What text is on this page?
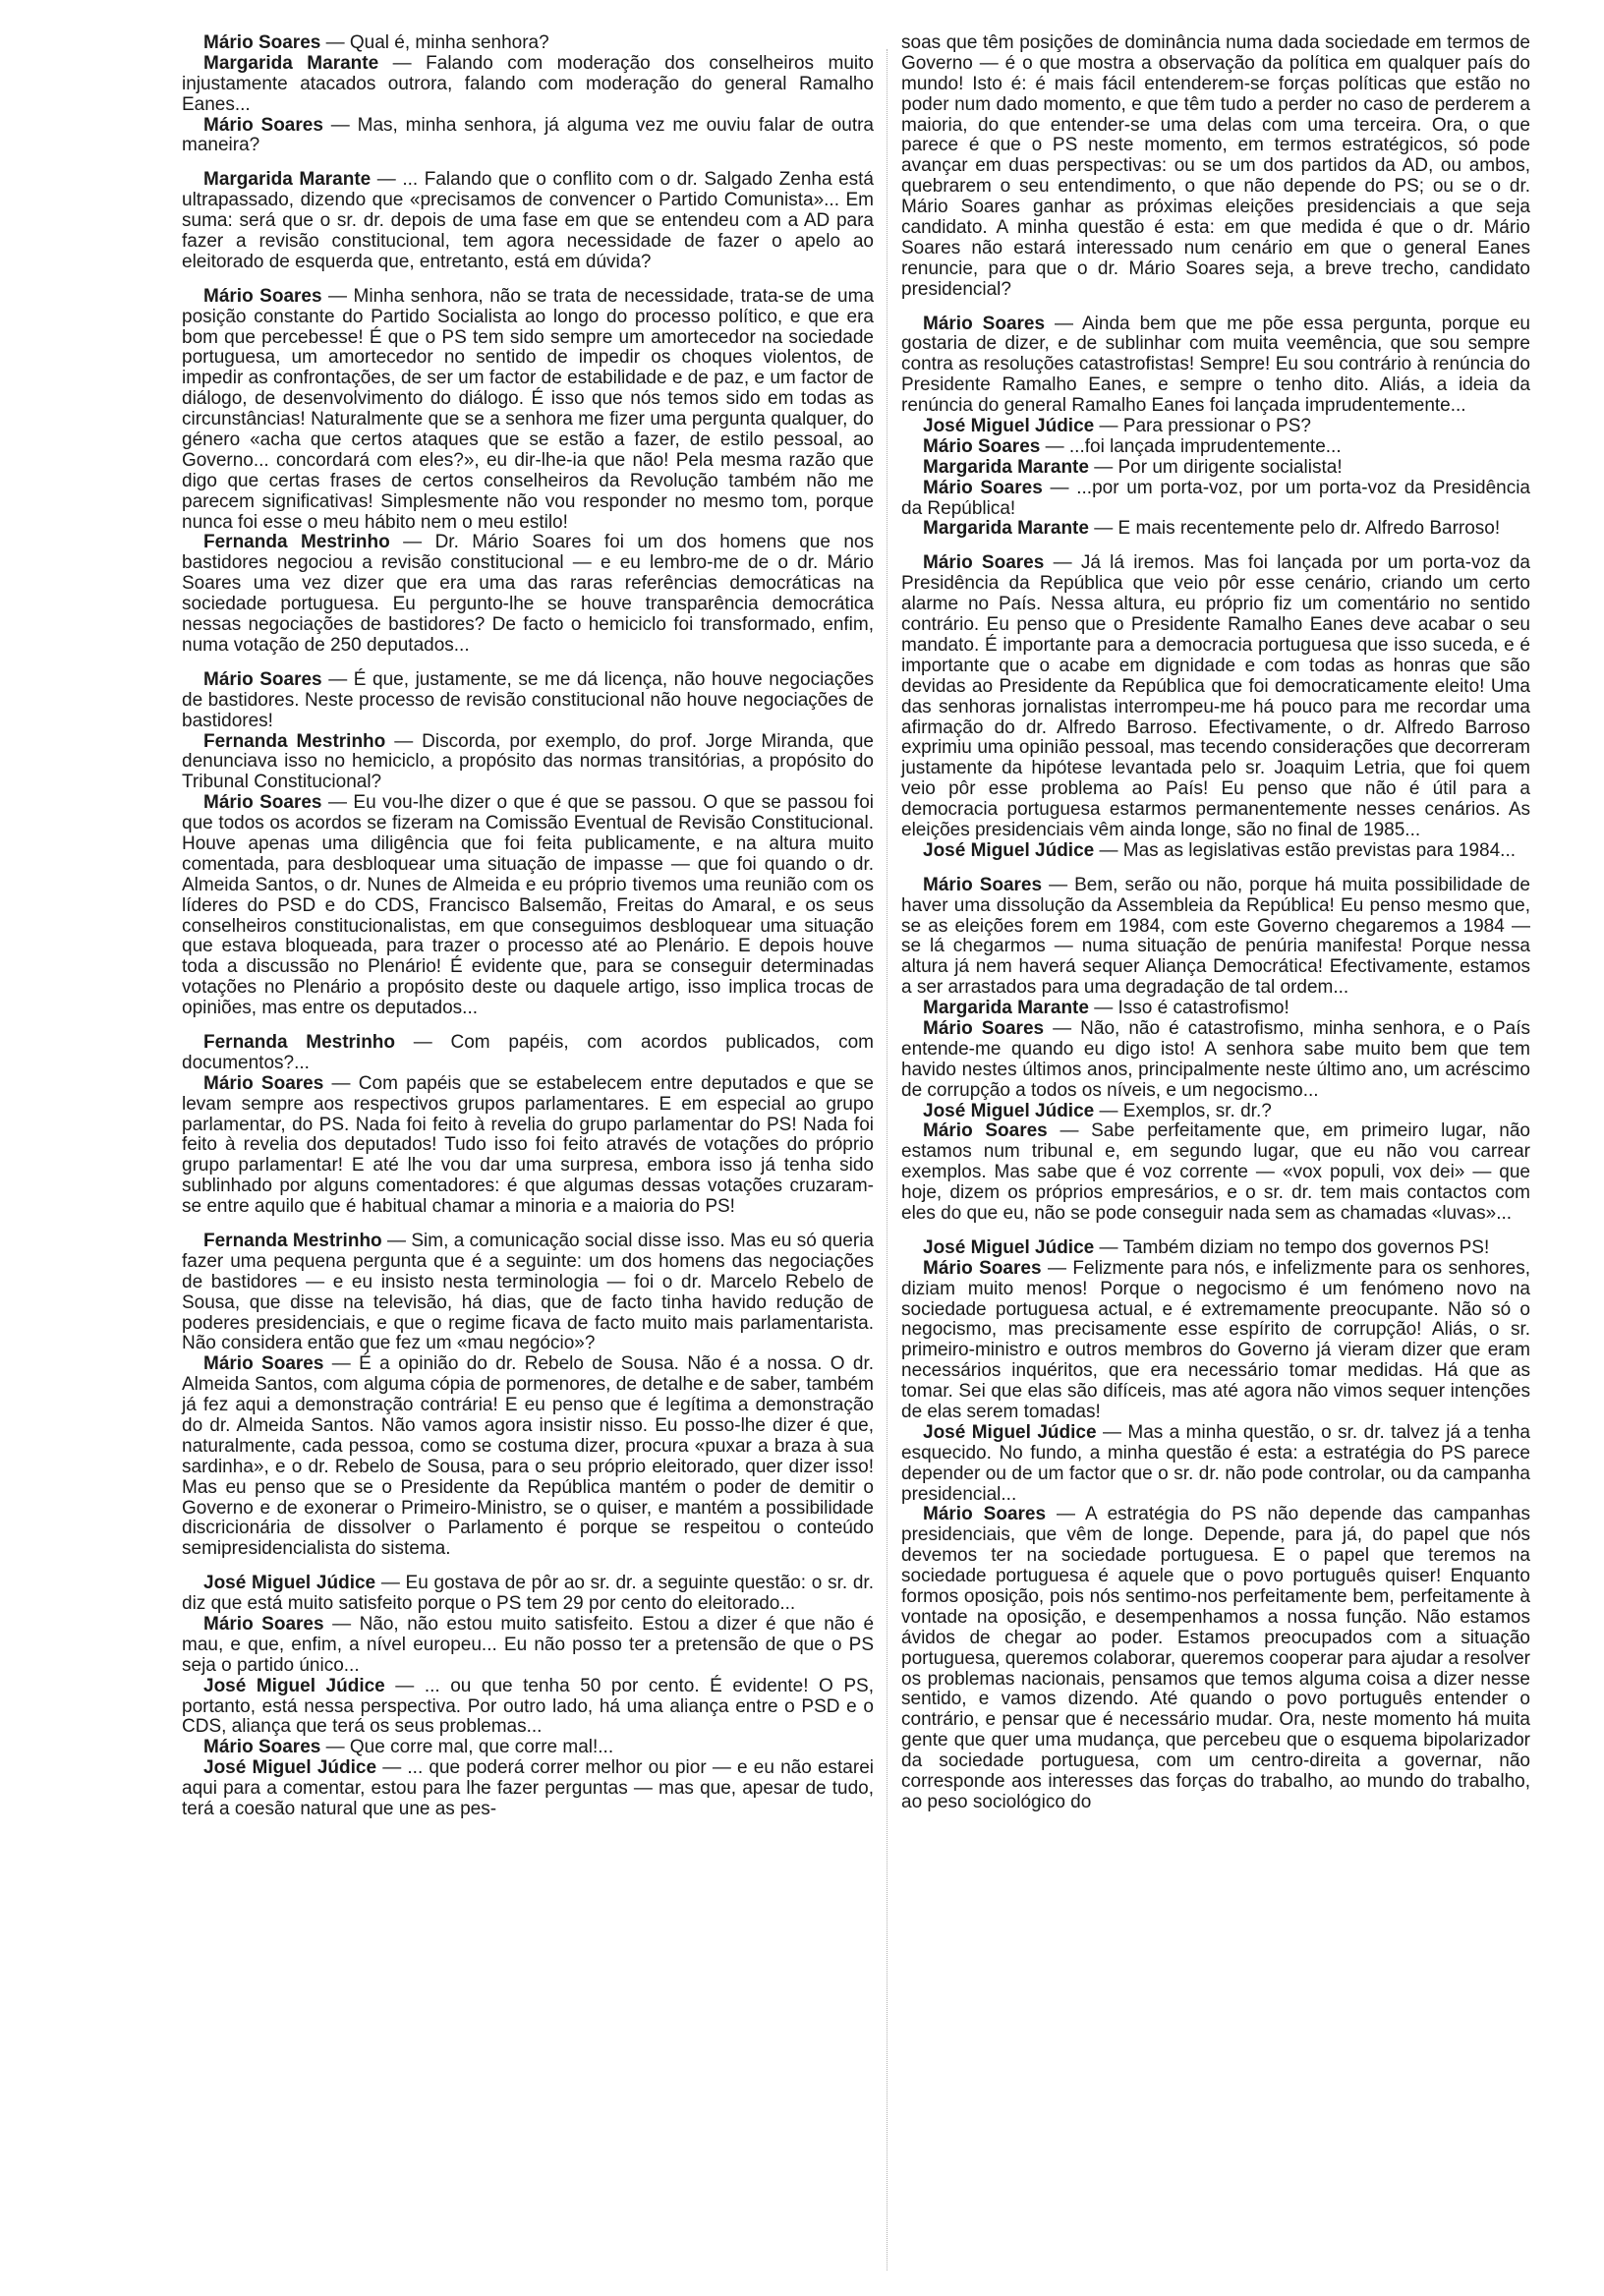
Mário Soares — Qual é, minha senhora?

Margarida Marante — Falando com moderação dos conselheiros muito injustamente atacados outrora, falando com moderação do general Ramalho Eanes...

Mário Soares — Mas, minha senhora, já alguma vez me ouviu falar de outra maneira?

Margarida Marante — ... Falando que o conflito com o dr. Salgado Zenha está ultrapassado, dizendo que «precisamos de convencer o Partido Comunista»... Em suma: será que o sr. dr. depois de uma fase em que se entendeu com a AD para fazer a revisão constitucional, tem agora necessidade de fazer o apelo ao eleitorado de esquerda que, entretanto, está em dúvida?

Mário Soares — Minha senhora, não se trata de necessidade, trata-se de uma posição constante do Partido Socialista ao longo do processo político, e que era bom que percebesse! É que o PS tem sido sempre um amortecedor na sociedade portuguesa, um amortecedor no sentido de impedir os choques violentos, de impedir as confrontações, de ser um factor de estabilidade e de paz, e um factor de diálogo, de desenvolvimento do diálogo. É isso que nós temos sido em todas as circunstâncias! Naturalmente que se a senhora me fizer uma pergunta qualquer, do género «acha que certos ataques que se estão a fazer, de estilo pessoal, ao Governo... concordará com eles?», eu dir-lhe-ia que não! Pela mesma razão que digo que certas frases de certos conselheiros da Revolução também não me parecem significativas! Simplesmente não vou responder no mesmo tom, porque nunca foi esse o meu hábito nem o meu estilo!

Fernanda Mestrinho — Dr. Mário Soares foi um dos homens que nos bastidores negociou a revisão constitucional — e eu lembro-me de o dr. Mário Soares uma vez dizer que era uma das raras referências democráticas na sociedade portuguesa. Eu pergunto-lhe se houve transparência democrática nessas negociações de bastidores? De facto o hemiciclo foi transformado, enfim, numa votação de 250 deputados...

Mário Soares — É que, justamente, se me dá licença, não houve negociações de bastidores. Neste processo de revisão constitucional não houve negociações de bastidores!

Fernanda Mestrinho — Discorda, por exemplo, do prof. Jorge Miranda, que denunciava isso no hemiciclo, a propósito das normas transitórias, a propósito do Tribunal Constitucional?

Mário Soares — Eu vou-lhe dizer o que é que se passou. O que se passou foi que todos os acordos se fizeram na Comissão Eventual de Revisão Constitucional. Houve apenas uma diligência que foi feita publicamente, e na altura muito comentada, para desbloquear uma situação de impasse — que foi quando o dr. Almeida Santos, o dr. Nunes de Almeida e eu próprio tivemos uma reunião com os líderes do PSD e do CDS, Francisco Balsemão, Freitas do Amaral, e os seus conselheiros constitucionalistas, em que conseguimos desbloquear uma situação que estava bloqueada, para trazer o processo até ao Plenário. E depois houve toda a discussão no Plenário! É evidente que, para se conseguir determinadas votações no Plenário a propósito deste ou daquele artigo, isso implica trocas de opiniões, mas entre os deputados...

Fernanda Mestrinho — Com papéis, com acordos publicados, com documentos?...

Mário Soares — Com papéis que se estabelecem entre deputados e que se levam sempre aos respectivos grupos parlamentares. E em especial ao grupo parlamentar, do PS. Nada foi feito à revelia do grupo parlamentar do PS! Nada foi feito à revelia dos deputados! Tudo isso foi feito através de votações do próprio grupo parlamentar! E até lhe vou dar uma surpresa, embora isso já tenha sido sublinhado por alguns comentadores: é que algumas dessas votações cruzaram-se entre aquilo que é habitual chamar a minoria e a maioria do PS!

Fernanda Mestrinho — Sim, a comunicação social disse isso. Mas eu só queria fazer uma pequena pergunta que é a seguinte: um dos homens das negociações de bastidores — e eu insisto nesta terminologia — foi o dr. Marcelo Rebelo de Sousa, que disse na televisão, há dias, que de facto tinha havido redução de poderes presidenciais, e que o regime ficava de facto muito mais parlamentarista. Não considera então que fez um «mau negócio»?

Mário Soares — É a opinião do dr. Rebelo de Sousa. Não é a nossa. O dr. Almeida Santos, com alguma cópia de pormenores, de detalhe e de saber, também já fez aqui a demonstração contrária! E eu penso que é legítima a demonstração do dr. Almeida Santos. Não vamos agora insistir nisso. Eu posso-lhe dizer é que, naturalmente, cada pessoa, como se costuma dizer, procura «puxar a braza à sua sardinha», e o dr. Rebelo de Sousa, para o seu próprio eleitorado, quer dizer isso! Mas eu penso que se o Presidente da República mantém o poder de demitir o Governo e de exonerar o Primeiro-Ministro, se o quiser, e mantém a possibilidade discricionária de dissolver o Parlamento é porque se respeitou o conteúdo semipresidencialista do sistema.

José Miguel Júdice — Eu gostava de pôr ao sr. dr. a seguinte questão: o sr. dr. diz que está muito satisfeito porque o PS tem 29 por cento do eleitorado...

Mário Soares — Não, não estou muito satisfeito. Estou a dizer é que não é mau, e que, enfim, a nível europeu... Eu não posso ter a pretensão de que o PS seja o partido único...

José Miguel Júdice — ... ou que tenha 50 por cento. É evidente! O PS, portanto, está nessa perspectiva. Por outro lado, há uma aliança entre o PSD e o CDS, aliança que terá os seus problemas...

Mário Soares — Que corre mal, que corre mal!...

José Miguel Júdice — ... que poderá correr melhor ou pior — e eu não estarei aqui para a comentar, estou para lhe fazer perguntas — mas que, apesar de tudo, terá a coesão natural que une as pes-

soas que têm posições de dominância numa dada sociedade em termos de Governo — é o que mostra a observação da política em qualquer país do mundo! Isto é: é mais fácil entenderem-se forças políticas que estão no poder num dado momento, e que têm tudo a perder no caso de perderem a maioria, do que entender-se uma delas com uma terceira. Ora, o que parece é que o PS neste momento, em termos estratégicos, só pode avançar em duas perspectivas: ou se um dos partidos da AD, ou ambos, quebrarem o seu entendimento, o que não depende do PS; ou se o dr. Mário Soares ganhar as próximas eleições presidenciais a que seja candidato. A minha questão é esta: em que medida é que o dr. Mário Soares não estará interessado num cenário em que o general Eanes renuncie, para que o dr. Mário Soares seja, a breve trecho, candidato presidencial?

Mário Soares — Ainda bem que me põe essa pergunta, porque eu gostaria de dizer, e de sublinhar com muita veemência, que sou sempre contra as resoluções catastrofistas! Sempre! Eu sou contrário à renúncia do Presidente Ramalho Eanes, e sempre o tenho dito. Aliás, a ideia da renúncia do general Ramalho Eanes foi lançada imprudentemente...

José Miguel Júdice — Para pressionar o PS?

Mário Soares — ...foi lançada imprudentemente...

Margarida Marante — Por um dirigente socialista!

Mário Soares — ...por um porta-voz, por um porta-voz da Presidência da República!

Margarida Marante — E mais recentemente pelo dr. Alfredo Barroso!

Mário Soares — Já lá iremos. Mas foi lançada por um porta-voz da Presidência da República que veio pôr esse cenário, criando um certo alarme no País. Nessa altura, eu próprio fiz um comentário no sentido contrário. Eu penso que o Presidente Ramalho Eanes deve acabar o seu mandato. É importante para a democracia portuguesa que isso suceda, e é importante que o acabe em dignidade e com todas as honras que são devidas ao Presidente da República que foi democraticamente eleito! Uma das senhoras jornalistas interrompeu-me há pouco para me recordar uma afirmação do dr. Alfredo Barroso. Efectivamente, o dr. Alfredo Barroso exprimiu uma opinião pessoal, mas tecendo considerações que decorreram justamente da hipótese levantada pelo sr. Joaquim Letria, que foi quem veio pôr esse problema ao País! Eu penso que não é útil para a democracia portuguesa estarmos permanentemente nesses cenários. As eleições presidenciais vêm ainda longe, são no final de 1985...

José Miguel Júdice — Mas as legislativas estão previstas para 1984...

Mário Soares — Bem, serão ou não, porque há muita possibilidade de haver uma dissolução da Assembleia da República! Eu penso mesmo que, se as eleições forem em 1984, com este Governo chegaremos a 1984 — se lá chegarmos — numa situação de penúria manifesta! Porque nessa altura já nem haverá sequer Aliança Democrática! Efectivamente, estamos a ser arrastados para uma degradação de tal ordem...

Margarida Marante — Isso é catastrofismo!

Mário Soares — Não, não é catastrofismo, minha senhora, e o País entende-me quando eu digo isto! A senhora sabe muito bem que tem havido nestes últimos anos, principalmente neste último ano, um acréscimo de corrupção a todos os níveis, e um negocismo...

José Miguel Júdice — Exemplos, sr. dr.?

Mário Soares — Sabe perfeitamente que, em primeiro lugar, não estamos num tribunal e, em segundo lugar, que eu não vou carrear exemplos. Mas sabe que é voz corrente — «vox populi, vox dei» — que hoje, dizem os próprios empresários, e o sr. dr. tem mais contactos com eles do que eu, não se pode conseguir nada sem as chamadas «luvas»...

José Miguel Júdice — Também diziam no tempo dos governos PS!

Mário Soares — Felizmente para nós, e infelizmente para os senhores, diziam muito menos! Porque o negocismo é um fenómeno novo na sociedade portuguesa actual, e é extremamente preocupante. Não só o negocismo, mas precisamente esse espírito de corrupção! Aliás, o sr. primeiro-ministro e outros membros do Governo já vieram dizer que eram necessários inquéritos, que era necessário tomar medidas. Há que as tomar. Sei que elas são difíceis, mas até agora não vimos sequer intenções de elas serem tomadas!

José Miguel Júdice — Mas a minha questão, o sr. dr. talvez já a tenha esquecido. No fundo, a minha questão é esta: a estratégia do PS parece depender ou de um factor que o sr. dr. não pode controlar, ou da campanha presidencial...

Mário Soares — A estratégia do PS não depende das campanhas presidenciais, que vêm de longe. Depende, para já, do papel que nós devemos ter na sociedade portuguesa. E o papel que teremos na sociedade portuguesa é aquele que o povo português quiser! Enquanto formos oposição, pois nós sentimo-nos perfeitamente bem, perfeitamente à vontade na oposição, e desempenhamos a nossa função. Não estamos ávidos de chegar ao poder. Estamos preocupados com a situação portuguesa, queremos colaborar, queremos cooperar para ajudar a resolver os problemas nacionais, pensamos que temos alguma coisa a dizer nesse sentido, e vamos dizendo. Até quando o povo português entender o contrário, e pensar que é necessário mudar. Ora, neste momento há muita gente que quer uma mudança, que percebeu que o esquema bipolarizador da sociedade portuguesa, com um centro-direita a governar, não corresponde aos interesses das forças do trabalho, ao mundo do trabalho, ao peso sociológico do
